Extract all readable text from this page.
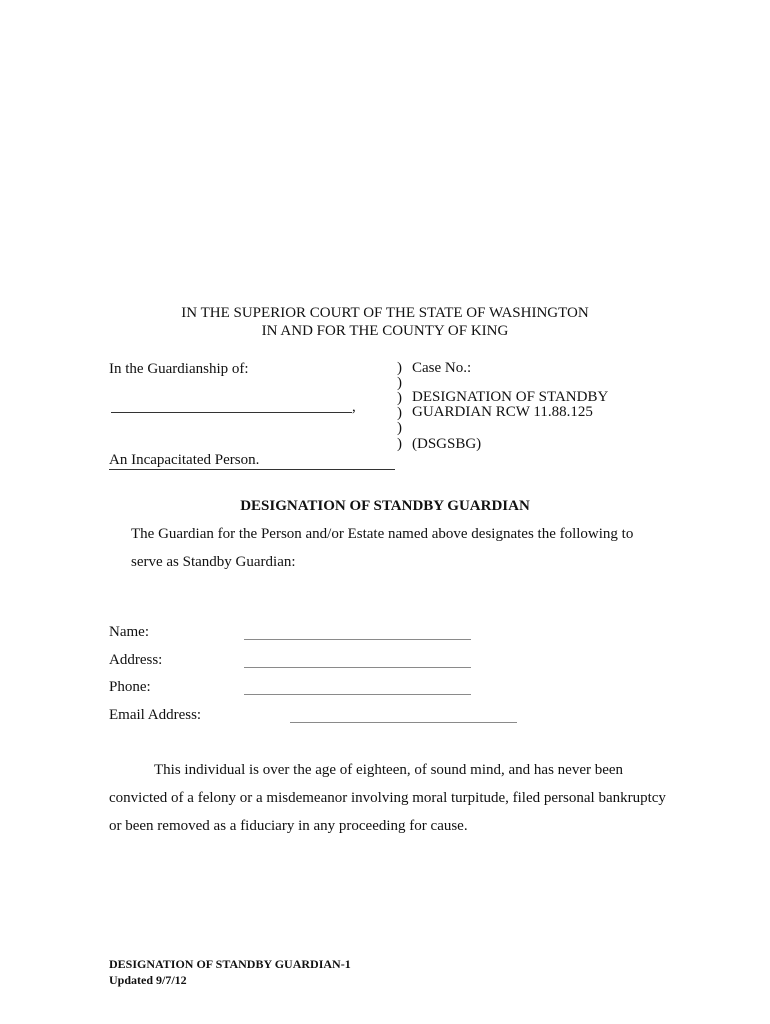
IN THE SUPERIOR COURT OF THE STATE OF WASHINGTON
IN AND FOR THE COUNTY OF KING
In the Guardianship of:
,
An Incapacitated Person.
)
)
)
)
)
)
Case No.:
DESIGNATION OF STANDBY
GUARDIAN RCW 11.88.125
(DSGSBG)
DESIGNATION OF STANDBY GUARDIAN
The Guardian for the Person and/or Estate named above designates the following to
serve as Standby Guardian:
Name:
Address:
Phone:
Email Address:
This individual is over the age of eighteen, of sound mind, and has never been
convicted of a felony or a misdemeanor involving moral turpitude, filed personal bankruptcy
or been removed as a fiduciary in any proceeding for cause.
DESIGNATION OF STANDBY GUARDIAN-1
Updated 9/7/12
